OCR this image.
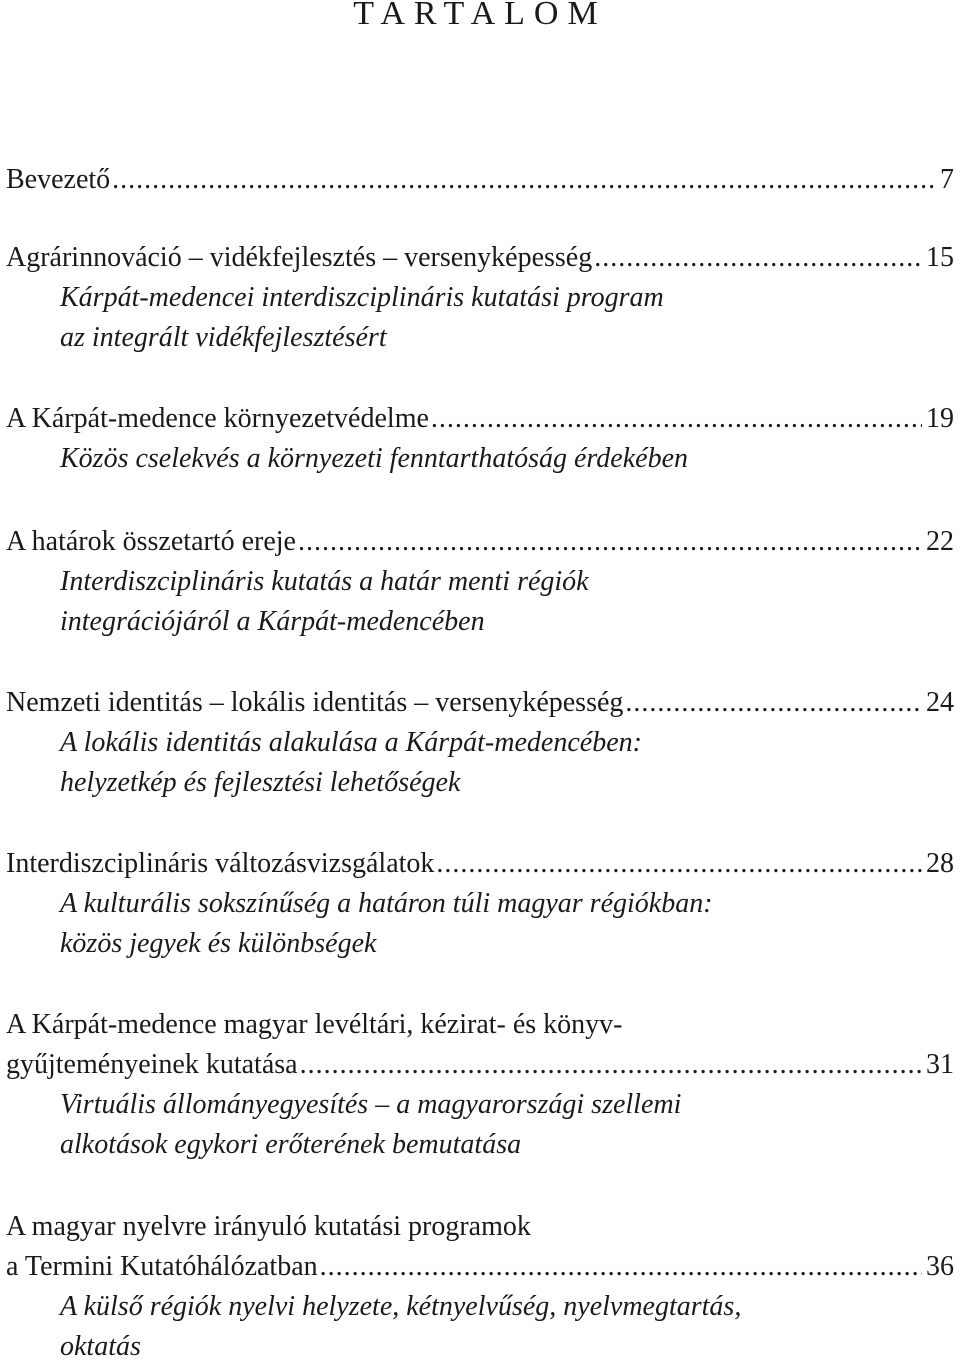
TARTALOM
Bevezető .....	7
Agrárinnováció – vidékfejlesztés – versenyképesség .....	15
Kárpát-medencei interdiszciplináris kutatási program
az integrált vidékfejlesztésért
A Kárpát-medence környezetvédelme .....	19
Közös cselekvés a környezeti fenntarthatóság érdekében
A határok összetartó ereje .....	22
Interdiszciplináris kutatás a határ menti régiók
integrációjáról a Kárpát-medencében
Nemzeti identitás – lokális identitás – versenyképesség .....	24
A lokális identitás alakulása a Kárpát-medencében:
helyzetkép és fejlesztési lehetőségek
Interdiszciplináris változásvizsgálatok .....	28
A kulturális sokszínűség a határon túli magyar régiókban:
közös jegyek és különbségek
A Kárpát-medence magyar levéltári, kézirat- és könyv-
gyűjteményeinek kutatása .....	31
Virtuális állományegyesítés – a magyarországi szellemi
alkotások egykori erőterének bemutatása
A magyar nyelvre irányuló kutatási programok
a Termini Kutatóhálózatban .....	36
A külső régiók nyelvi helyzete, kétnyelvűség, nyelvmegtartás,
oktatás
